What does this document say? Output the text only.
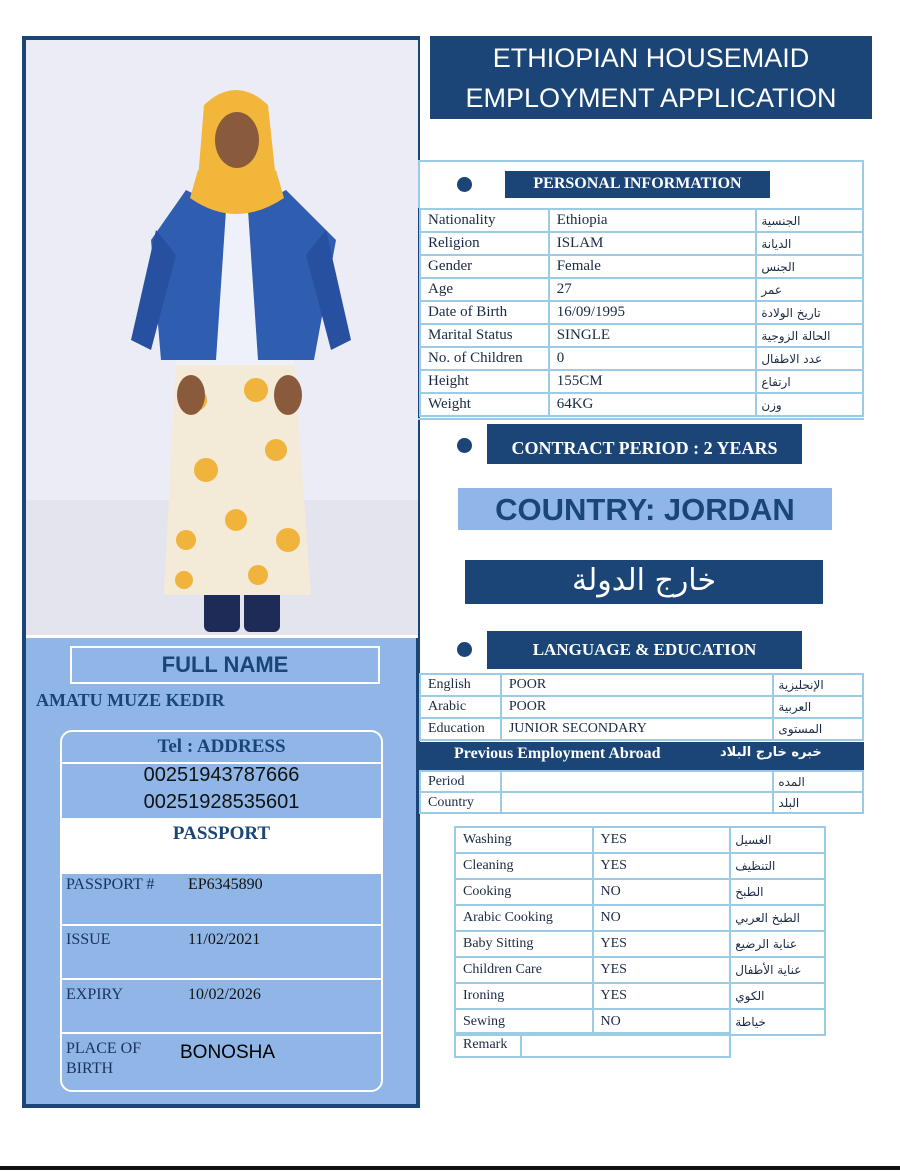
FULL NAME
AMATU MUZE KEDIR
Tel : ADDRESS
00251943787666
00251928535601
PASSPORT
PASSPORT # EP6345890
ISSUE	11/02/2021
EXPIRY	10/02/2026
PLACE OF
BIRTH
BONOSHA
ETHIOPIAN HOUSEMAID
EMPLOYMENT APPLICATION
PERSONAL INFORMATION
Nationality	Ethiopia	الجنسية
Religion	ISLAM	الديانة
Gender	Female	الجنس
Age	27	عمر
Date of Birth	16/09/1995	تاريخ الولادة
Marital Status	SINGLE	الحالة الزوجية
No. of Children	0	عدد الاطفال
Height	155CM	ارتفاع
Weight	64KG	وزن
CONTRACT PERIOD : 2 YEARS
COUNTRY: JORDAN
خارج الدولة
LANGUAGE & EDUCATION
English	POOR	الإنجليزية
Arabic	POOR	العربية
Education	JUNIOR SECONDARY	المستوى
Previous Employment Abroad	خبره خارج البلاد
Period		المده
Country		البلد
Washing	YES	الغسيل
Cleaning	YES	التنظيف
Cooking	NO	الطبخ
Arabic Cooking	NO	الطبخ العربي
Baby Sitting	YES	عناية الرضيع
Children Care	YES	عناية الأطفال
Ironing	YES	الكوي
Sewing	NO	خياطة
Remark	
